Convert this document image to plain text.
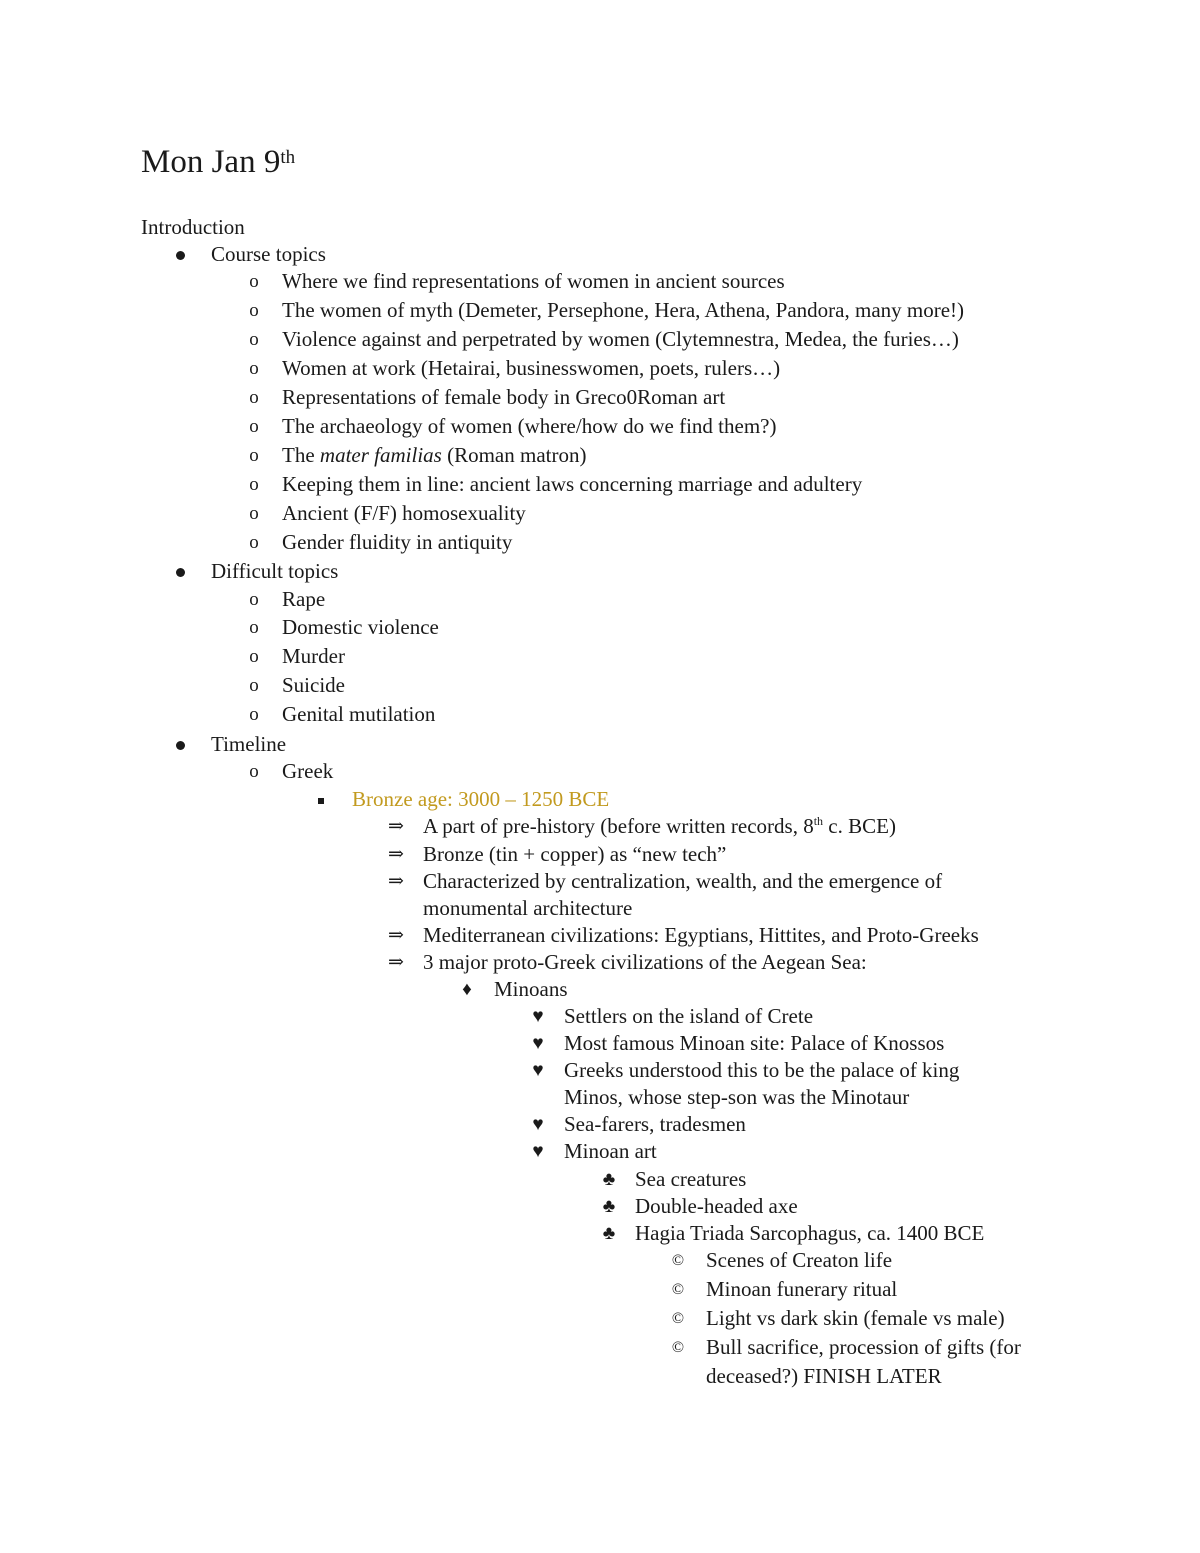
Mon Jan 9th
Introduction
Course topics
o Where we find representations of women in ancient sources
o The women of myth (Demeter, Persephone, Hera, Athena, Pandora, many more!)
o Violence against and perpetrated by women (Clytemnestra, Medea, the furies…)
o Women at work (Hetairai, businesswomen, poets, rulers…)
o Representations of female body in Greco0Roman art
o The archaeology of women (where/how do we find them?)
o The mater familias (Roman matron)
o Keeping them in line: ancient laws concerning marriage and adultery
o Ancient (F/F) homosexuality
o Gender fluidity in antiquity
Difficult topics
o Rape
o Domestic violence
o Murder
o Suicide
o Genital mutilation
Timeline
o Greek
Bronze age: 3000 – 1250 BCE
⇒ A part of pre-history (before written records, 8th c. BCE)
⇒ Bronze (tin + copper) as “new tech”
⇒ Characterized by centralization, wealth, and the emergence of
monumental architecture
⇒ Mediterranean civilizations: Egyptians, Hittites, and Proto-Greeks
⇒ 3 major proto-Greek civilizations of the Aegean Sea:
♦ Minoans
♥ Settlers on the island of Crete
♥ Most famous Minoan site: Palace of Knossos
♥ Greeks understood this to be the palace of king
Minos, whose step-son was the Minotaur
♥ Sea-farers, tradesmen
♥ Minoan art
♣ Sea creatures
♣ Double-headed axe
♣ Hagia Triada Sarcophagus, ca. 1400 BCE
© Scenes of Creaton life
© Minoan funerary ritual
© Light vs dark skin (female vs male)
© Bull sacrifice, procession of gifts (for
deceased?) FINISH LATER
